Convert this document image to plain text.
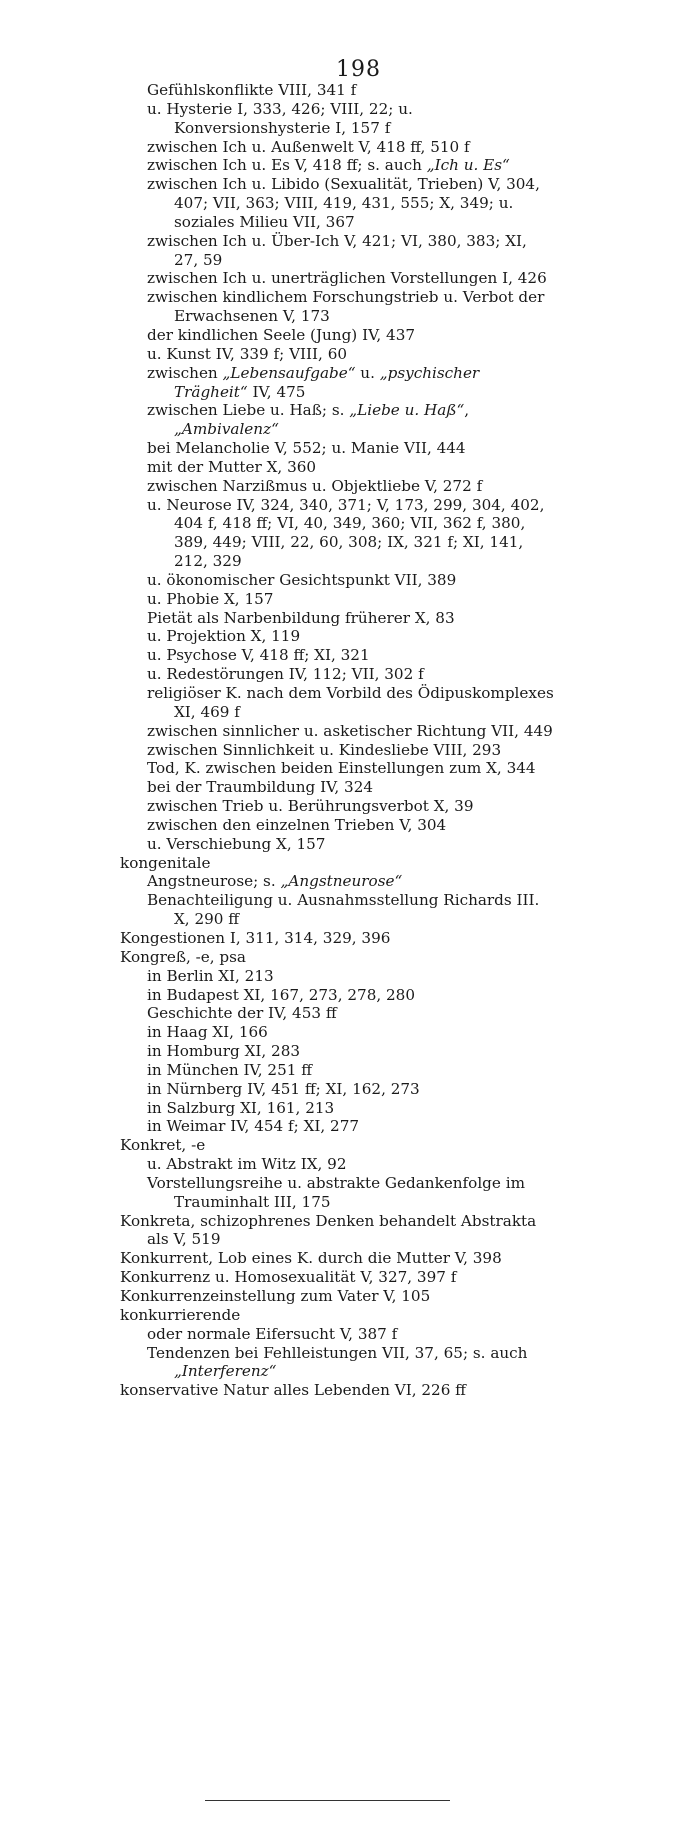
198

Gefühlskonflikte VIII, 341 f

u. Hysterie I, 333, 426; VIII, 22; u. Konversionshysterie I, 157 f

zwischen Ich u. Außenwelt V, 418 ff, 510 f

zwischen Ich u. Es V, 418 ff; s. auch „Ich u. Es“

zwischen Ich u. Libido (Sexualität, Trieben) V, 304, 407; VII, 363; VIII, 419, 431, 555; X, 349; u. soziales Milieu VII, 367

zwischen Ich u. Über-Ich V, 421; VI, 380, 383; XI, 27, 59

zwischen Ich u. unerträglichen Vorstellungen I, 426

zwischen kindlichem Forschungstrieb u. Verbot der Erwachsenen V, 173

der kindlichen Seele (Jung) IV, 437

u. Kunst IV, 339 f; VIII, 60

zwischen „Lebensaufgabe“ u. „psychischer Trägheit“ IV, 475

zwischen Liebe u. Haß; s. „Liebe u. Haß“, „Ambivalenz“

bei Melancholie V, 552; u. Manie VII, 444

mit der Mutter X, 360

zwischen Narzißmus u. Objektliebe V, 272 f

u. Neurose IV, 324, 340, 371; V, 173, 299, 304, 402, 404 f, 418 ff; VI, 40, 349, 360; VII, 362 f, 380, 389, 449; VIII, 22, 60, 308; IX, 321 f; XI, 141, 212, 329

u. ökonomischer Gesichtspunkt VII, 389

u. Phobie X, 157

Pietät als Narbenbildung früherer X, 83

u. Projektion X, 119

u. Psychose V, 418 ff; XI, 321

u. Redestörungen IV, 112; VII, 302 f

religiöser K. nach dem Vorbild des Ödipuskomplexes XI, 469 f

zwischen sinnlicher u. asketischer Richtung VII, 449

zwischen Sinnlichkeit u. Kindesliebe VIII, 293

Tod, K. zwischen beiden Einstellungen zum X, 344

bei der Traumbildung IV, 324

zwischen Trieb u. Berührungsverbot X, 39

zwischen den einzelnen Trieben V, 304

u. Verschiebung X, 157

kongenitale

Angstneurose; s. „Angstneurose“

Benachteiligung u. Ausnahmsstellung Richards III. X, 290 ff

Kongestionen I, 311, 314, 329, 396

Kongreß, -e, psa

in Berlin XI, 213

in Budapest XI, 167, 273, 278, 280

Geschichte der IV, 453 ff

in Haag XI, 166

in Homburg XI, 283

in München IV, 251 ff

in Nürnberg IV, 451 ff; XI, 162, 273

in Salzburg XI, 161, 213

in Weimar IV, 454 f; XI, 277

Konkret, -e

u. Abstrakt im Witz IX, 92

Vorstellungsreihe u. abstrakte Gedankenfolge im Trauminhalt III, 175

Konkreta, schizophrenes Denken behandelt Abstrakta als V, 519

Konkurrent, Lob eines K. durch die Mutter V, 398

Konkurrenz u. Homosexualität V, 327, 397 f

Konkurrenzeinstellung zum Vater V, 105

konkurrierende

oder normale Eifersucht V, 387 f

Tendenzen bei Fehlleistungen VII, 37, 65; s. auch „Interferenz“

konservative Natur alles Lebenden VI, 226 ff
